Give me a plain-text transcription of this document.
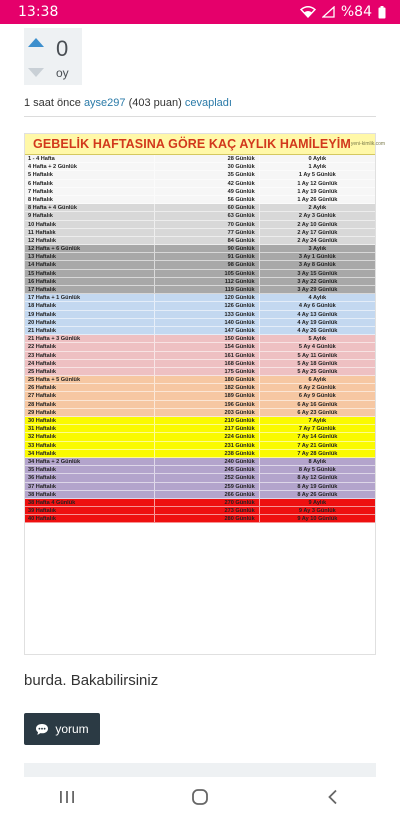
13:38	%84
0
oy
1 saat önce ayse297 (403 puan) cevapladı
GEBELİK HAFTASINA GÖRE KAÇ AYLIK HAMİLEYİM yeni-kimlik.com
1 - 4 Hafta	28 Günlük	0 Aylık
4 Hafta + 2 Günlük	30 Günlük	1 Aylık
5 Haftalık	35 Günlük	1 Ay 5 Günlük
6 Haftalık	42 Günlük	1 Ay 12 Günlük
7 Haftalık	49 Günlük	1 Ay 19 Günlük
8 Haftalık	56 Günlük	1 Ay 26 Günlük
8 Hafta + 4 Günlük	60 Günlük	2 Aylık
9 Haftalık	63 Günlük	2 Ay 3 Günlük
10 Haftalık	70 Günlük	2 Ay 10 Günlük
11 Haftalık	77 Günlük	2 Ay 17 Günlük
12 Haftalık	84 Günlük	2 Ay 24 Günlük
12 Hafta + 6 Günlük	90 Günlük	3 Aylık
13 Haftalık	91 Günlük	3 Ay 1 Günlük
14 Haftalık	98 Günlük	3 Ay 8 Günlük
15 Haftalık	105 Günlük	3 Ay 15 Günlük
16 Haftalık	112 Günlük	3 Ay 22 Günlük
17 Haftalık	119 Günlük	3 Ay 29 Günlük
17 Hafta + 1 Günlük	120 Günlük	4 Aylık
18 Haftalık	126 Günlük	4 Ay 6 Günlük
19 Haftalık	133 Günlük	4 Ay 13 Günlük
20 Haftalık	140 Günlük	4 Ay 19 Günlük
21 Haftalık	147 Günlük	4 Ay 26 Günlük
21 Hafta + 3 Günlük	150 Günlük	5 Aylık
22 Haftalık	154 Günlük	5 Ay 4 Günlük
23 Haftalık	161 Günlük	5 Ay 11 Günlük
24 Haftalık	168 Günlük	5 Ay 18 Günlük
25 Haftalık	175 Günlük	5 Ay 25 Günlük
25 Hafta + 5 Günlük	180 Günlük	6 Aylık
26 Haftalık	182 Günlük	6 Ay 2 Günlük
27 Haftalık	189 Günlük	6 Ay 9 Günlük
28 Haftalık	196 Günlük	6 Ay 16 Günlük
29 Haftalık	203 Günlük	6 Ay 23 Günlük
30 Haftalık	210 Günlük	7 Aylık
31 Haftalık	217 Günlük	7 Ay 7 Günlük
32 Haftalık	224 Günlük	7 Ay 14 Günlük
33 Haftalık	231 Günlük	7 Ay 21 Günlük
34 Haftalık	238 Günlük	7 Ay 28 Günlük
34 Hafta + 2 Günlük	240 Günlük	8 Aylık
35 Haftalık	245 Günlük	8 Ay 5 Günlük
36 Haftalık	252 Günlük	8 Ay 12 Günlük
37 Haftalık	259 Günlük	8 Ay 19 Günlük
38 Haftalık	266 Günlük	8 Ay 26 Günlük
38 Hafta 4 Günlük	270 Günlük	9 Aylık
39 Haftalık	273 Günlük	9 Ay 3 Günlük
40 Haftalık	280 Günlük	9 Ay 10 Günlük
burda. Bakabilirsiniz
yorum
